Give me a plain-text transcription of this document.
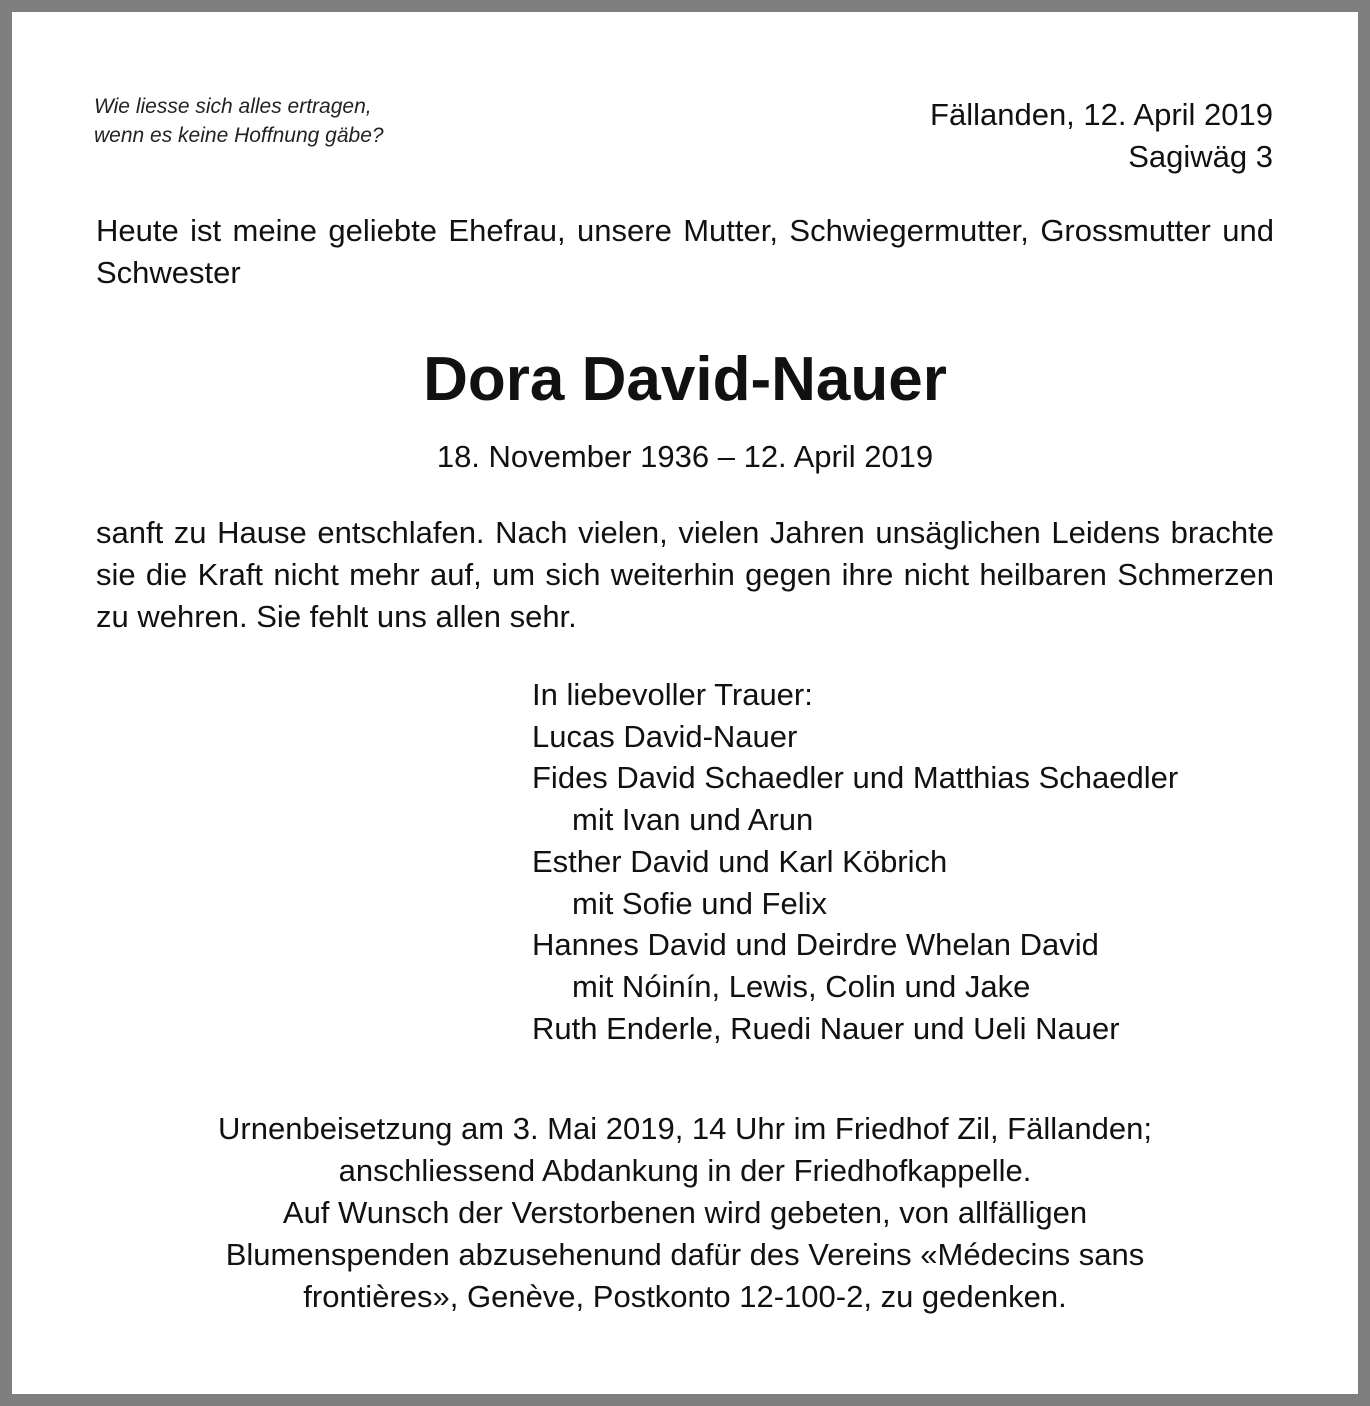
Wie liesse sich alles ertragen,
wenn es keine Hoffnung gäbe?
Fällanden, 12. April 2019
Sagiwäg 3
Heute ist meine geliebte Ehefrau, unsere Mutter, Schwiegermutter, Grossmutter und Schwester
Dora David-Nauer
18. November 1936 – 12. April 2019
sanft zu Hause entschlafen. Nach vielen, vielen Jahren unsäglichen Leidens brachte sie die Kraft nicht mehr auf, um sich weiterhin gegen ihre nicht heilbaren Schmerzen zu wehren. Sie fehlt uns allen sehr.
In liebevoller Trauer:
Lucas David-Nauer
Fides David Schaedler und Matthias Schaedler
mit Ivan und Arun
Esther David und Karl Köbrich
mit Sofie und Felix
Hannes David und Deirdre Whelan David
mit Nóinín, Lewis, Colin und Jake
Ruth Enderle, Ruedi Nauer und Ueli Nauer
Urnenbeisetzung am 3. Mai 2019, 14 Uhr im Friedhof Zil, Fällanden;
anschliessend Abdankung in der Friedhofkappelle.
Auf Wunsch der Verstorbenen wird gebeten, von allfälligen
Blumenspenden abzusehenund dafür des Vereins «Médecins sans
frontières», Genève, Postkonto 12-100-2, zu gedenken.
